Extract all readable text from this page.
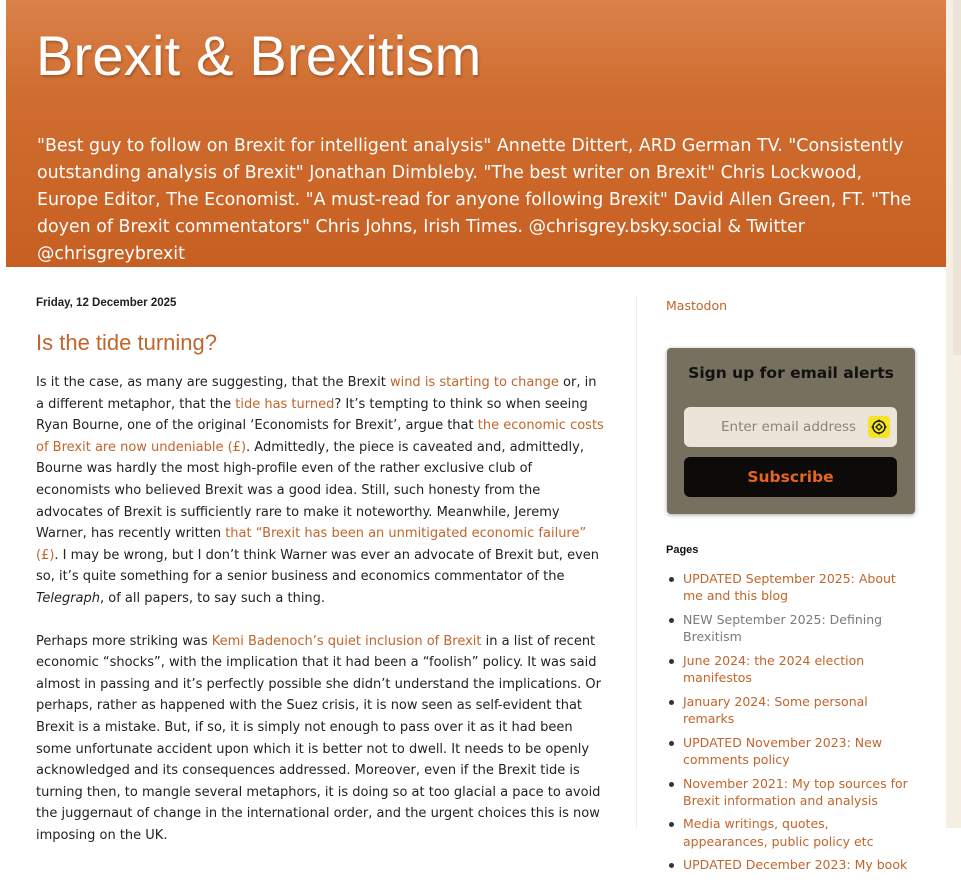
Brexit & Brexitism

"Best guy to follow on Brexit for intelligent analysis" Annette Dittert, ARD German TV. "Consistently outstanding analysis of Brexit" Jonathan Dimbleby. "The best writer on Brexit" Chris Lockwood, Europe Editor, The Economist. "A must-read for anyone following Brexit" David Allen Green, FT. "The doyen of Brexit commentators" Chris Johns, Irish Times. @chrisgrey.bsky.social & Twitter @chrisgreybrexit

Friday, 12 December 2025
Is the tide turning?

Is it the case, as many are suggesting, that the Brexit wind is starting to change or, in a different metaphor, that the tide has turned? It’s tempting to think so when seeing Ryan Bourne, one of the original ‘Economists for Brexit’, argue that the economic costs of Brexit are now undeniable (£). Admittedly, the piece is caveated and, admittedly, Bourne was hardly the most high-profile even of the rather exclusive club of economists who believed Brexit was a good idea. Still, such honesty from the advocates of Brexit is sufficiently rare to make it noteworthy. Meanwhile, Jeremy Warner, has recently written that “Brexit has been an unmitigated economic failure” (£). I may be wrong, but I don’t think Warner was ever an advocate of Brexit but, even so, it’s quite something for a senior business and economics commentator of the Telegraph, of all papers, to say such a thing.

Perhaps more striking was Kemi Badenoch’s quiet inclusion of Brexit in a list of recent economic “shocks”, with the implication that it had been a “foolish” policy. It was said almost in passing and it’s perfectly possible she didn’t understand the implications. Or perhaps, rather as happened with the Suez crisis, it is now seen as self-evident that Brexit is a mistake. But, if so, it is simply not enough to pass over it as it had been some unfortunate accident upon which it is better not to dwell. It needs to be openly acknowledged and its consequences addressed. Moreover, even if the Brexit tide is turning then, to mangle several metaphors, it is doing so at too glacial a pace to avoid the juggernaut of change in the international order, and the urgent choices this is now imposing on the UK.

Mastodon
Sign up for email alerts
Enter email address
Subscribe
Pages
UPDATED September 2025: About me and this blog
NEW September 2025: Defining Brexitism
June 2024: the 2024 election manifestos
January 2024: Some personal remarks
UPDATED November 2023: New comments policy
November 2021: My top sources for Brexit information and analysis
Media writings, quotes, appearances, public policy etc
UPDATED December 2023: My book
